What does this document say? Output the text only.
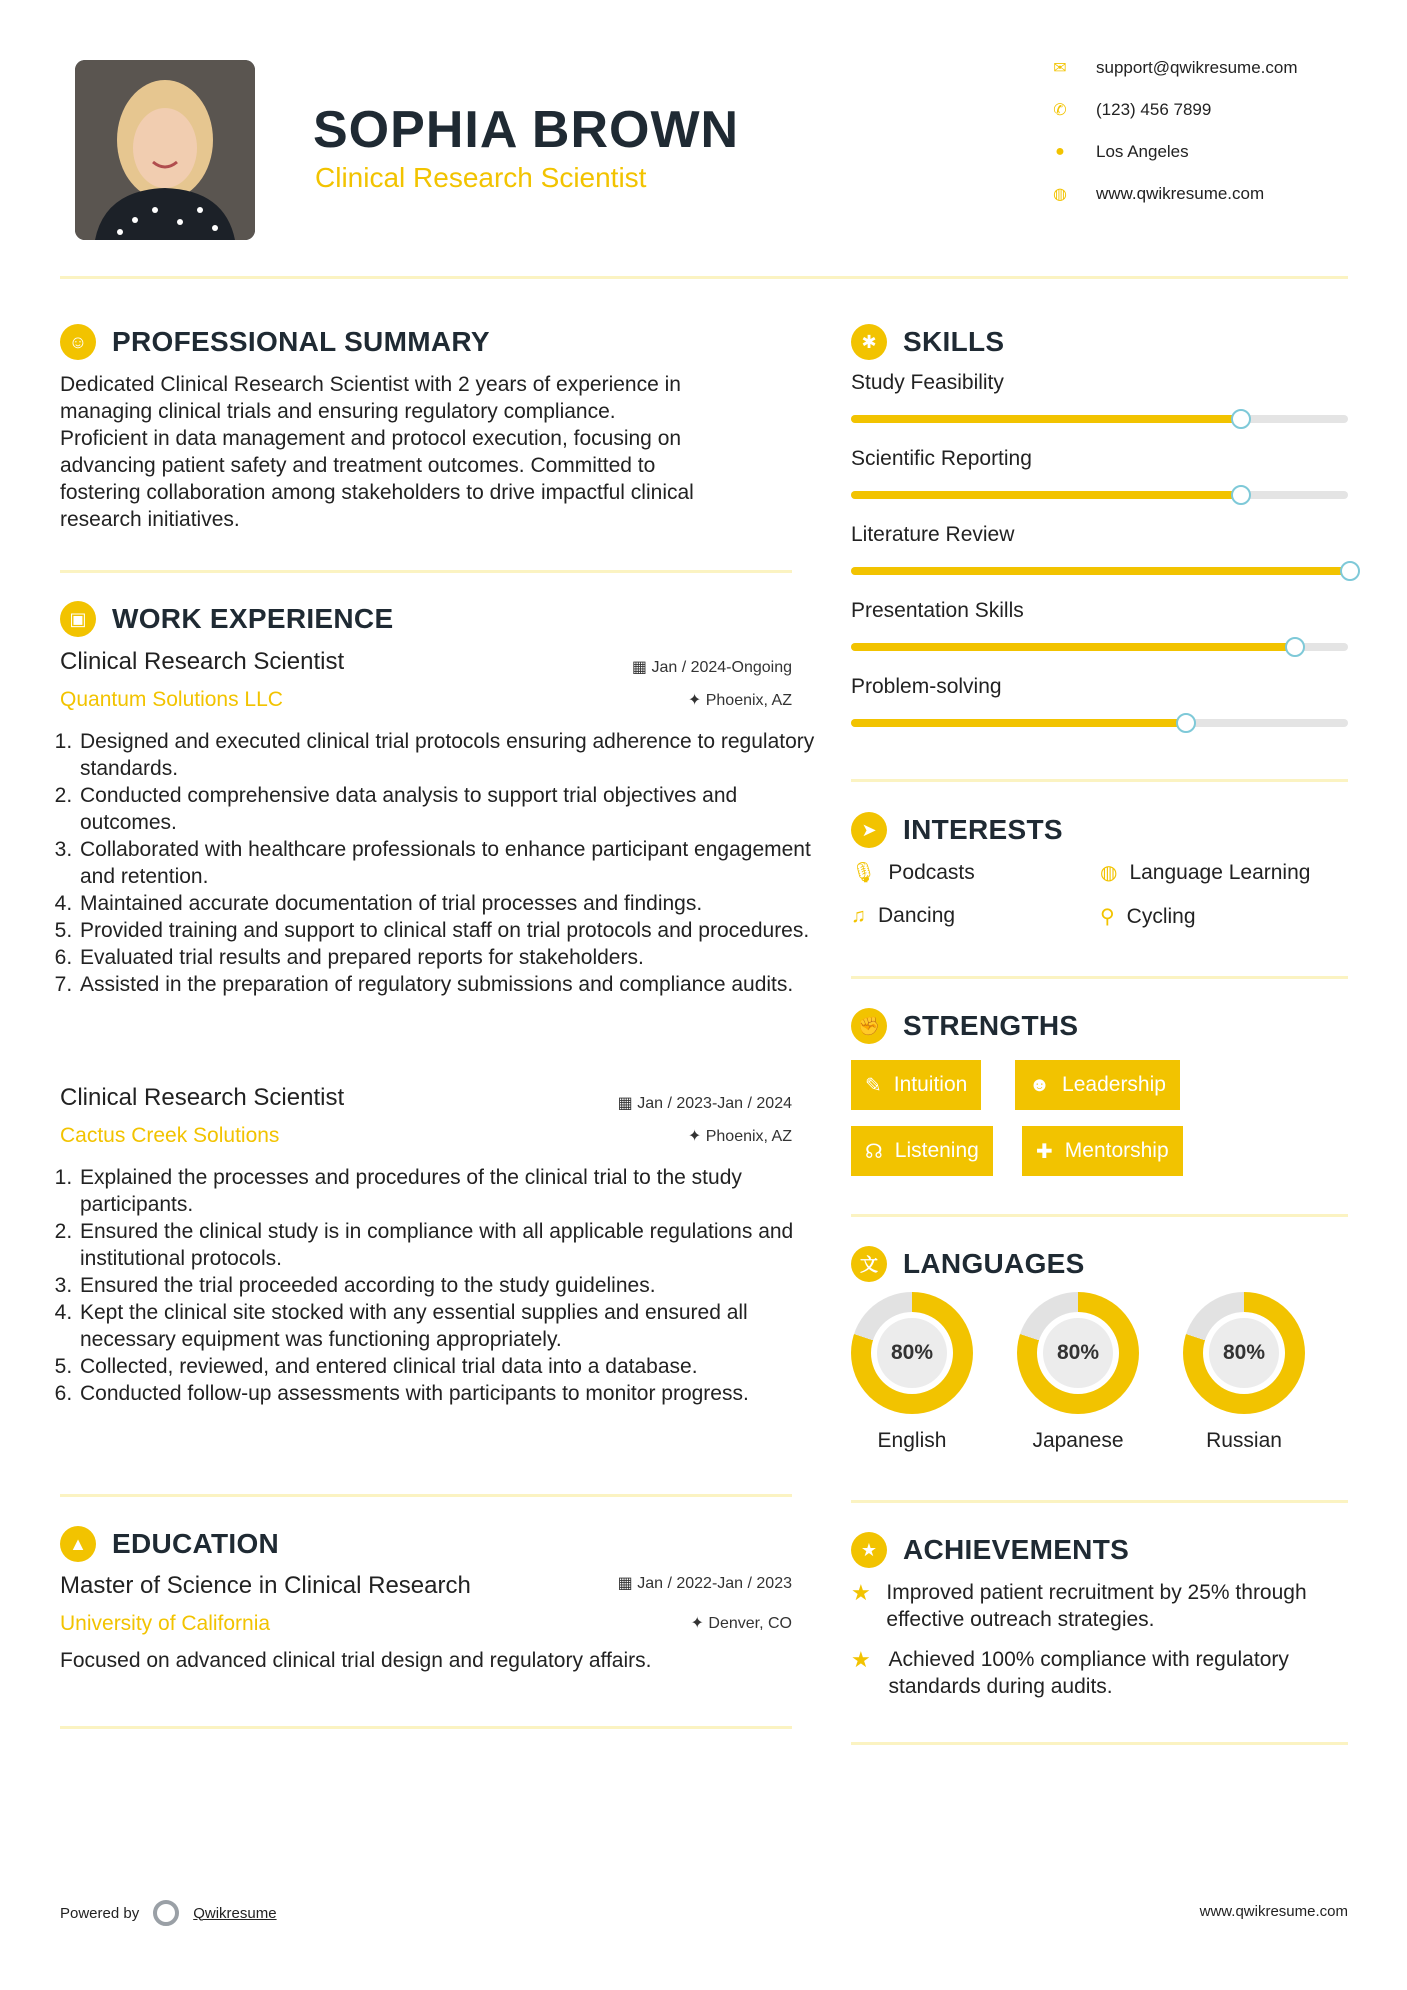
SOPHIA BROWN
Clinical Research Scientist
✉ support@qwikresume.com
✆ (123) 456 7899
●	Los Angeles
◍ www.qwikresume.com
☺ PROFESSIONAL SUMMARY
Dedicated Clinical Research Scientist with 2 years of experience in
managing clinical trials and ensuring regulatory compliance.
Proficient in data management and protocol execution, focusing on
advancing patient safety and treatment outcomes. Committed to
fostering collaboration among stakeholders to drive impactful clinical
research initiatives.
▣ WORK EXPERIENCE
Clinical Research Scientist	▦ Jan / 2024-Ongoing
Quantum Solutions LLC	✦ Phoenix, AZ
1. Designed and executed clinical trial protocols ensuring adherence to regulatory standards.
2. Conducted comprehensive data analysis to support trial objectives and outcomes.
3. Collaborated with healthcare professionals to enhance participant engagement and retention.
4. Maintained accurate documentation of trial processes and findings.
5. Provided training and support to clinical staff on trial protocols and procedures.
6. Evaluated trial results and prepared reports for stakeholders.
7. Assisted in the preparation of regulatory submissions and compliance audits.
Clinical Research Scientist	▦ Jan / 2023-Jan / 2024
Cactus Creek Solutions	✦ Phoenix, AZ
1. Explained the processes and procedures of the clinical trial to the study participants.
2. Ensured the clinical study is in compliance with all applicable regulations and institutional protocols.
3. Ensured the trial proceeded according to the study guidelines.
4. Kept the clinical site stocked with any essential supplies and ensured all necessary equipment was functioning appropriately.
5. Collected, reviewed, and entered clinical trial data into a database.
6. Conducted follow-up assessments with participants to monitor progress.
▲ EDUCATION
Master of Science in Clinical Research	▦ Jan / 2022-Jan / 2023
University of California	✦ Denver, CO
Focused on advanced clinical trial design and regulatory affairs.
✱ SKILLS
Study Feasibility
Scientific Reporting
Literature Review
Presentation Skills
Problem-solving
➤ INTERESTS
🎙 Podcasts	◍ Language Learning
♫ Dancing	⚲ Cycling
✊ STRENGTHS
✎ Intuition	☻ Leadership
☊ Listening	✚ Mentorship
文 LANGUAGES
80%
English
80%
Japanese
80%
Russian
★ ACHIEVEMENTS
★ Improved patient recruitment by 25% through effective outreach strategies.
★ Achieved 100% compliance with regulatory standards during audits.
Powered by	Qwikresume	www.qwikresume.com
